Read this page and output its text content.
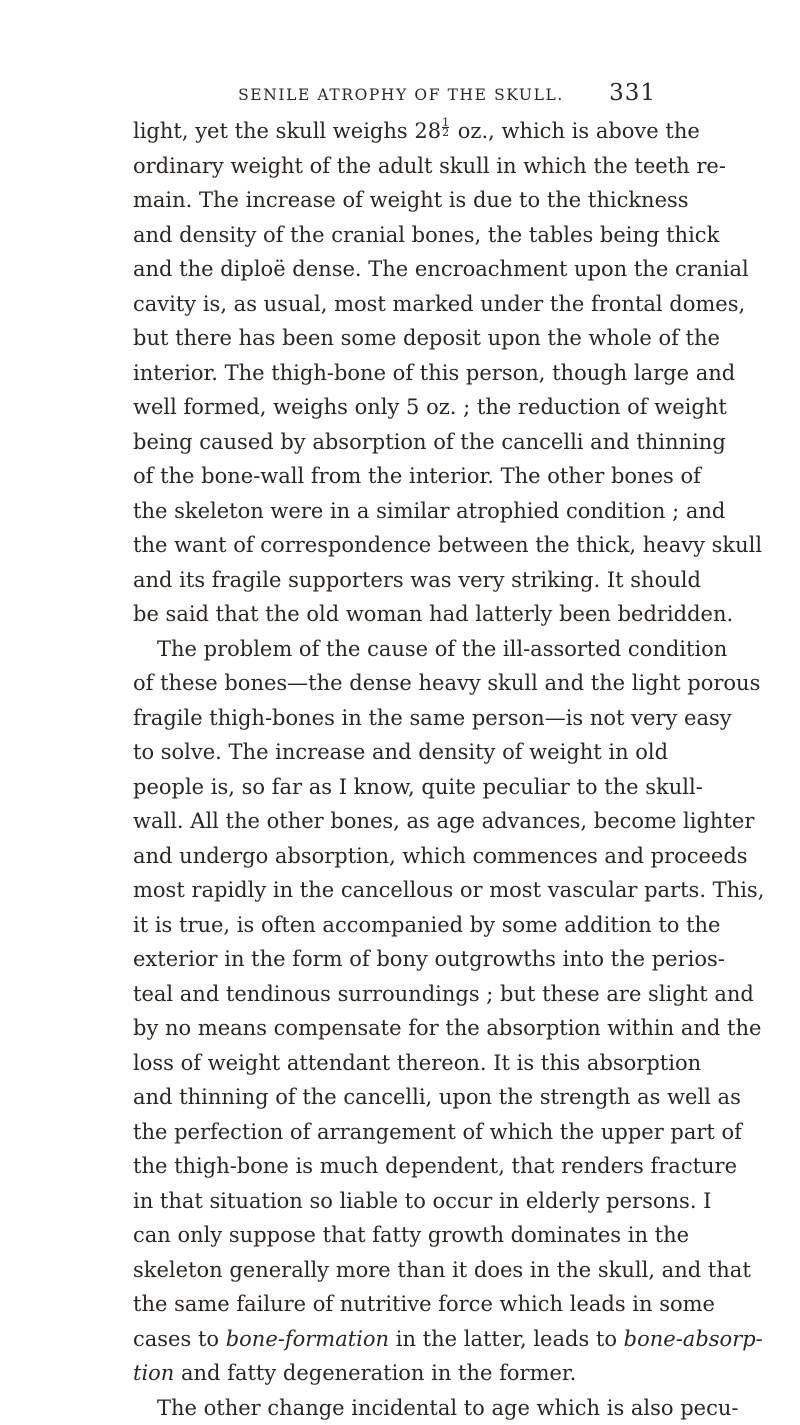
SENILE ATROPHY OF THE SKULL.	331
light, yet the skull weighs $28 \frac{1}{2}$ oz., which is above the
ordinary weight of the adult skull in which the teeth re-
main. The increase of weight is due to the thickness
and density of the cranial bones, the tables being thick
and the diploë dense. The encroachment upon the cranial
cavity is, as usual, most marked under the frontal domes,
but there has been some deposit upon the whole of the
interior. The thigh-bone of this person, though large and
well formed, weighs only 5 oz. ; the reduction of weight
being caused by absorption of the cancelli and thinning
of the bone-wall from the interior. The other bones of
the skeleton were in a similar atrophied condition ; and
the want of correspondence between the thick, heavy skull
and its fragile supporters was very striking. It should
be said that the old woman had latterly been bedridden.
The problem of the cause of the ill-assorted condition
of these bones—the dense heavy skull and the light porous
fragile thigh-bones in the same person—is not very easy
to solve. The increase and density of weight in old
people is, so far as I know, quite peculiar to the skull-
wall. All the other bones, as age advances, become lighter
and undergo absorption, which commences and proceeds
most rapidly in the cancellous or most vascular parts. This,
it is true, is often accompanied by some addition to the
exterior in the form of bony outgrowths into the perios-
teal and tendinous surroundings ; but these are slight and
by no means compensate for the absorption within and the
loss of weight attendant thereon. It is this absorption
and thinning of the cancelli, upon the strength as well as
the perfection of arrangement of which the upper part of
the thigh-bone is much dependent, that renders fracture
in that situation so liable to occur in elderly persons. I
can only suppose that fatty growth dominates in the
skeleton generally more than it does in the skull, and that
the same failure of nutritive force which leads in some
cases to bone-formation in the latter, leads to bone-absorp-
tion and fatty degeneration in the former.
The other change incidental to age which is also pecu-
